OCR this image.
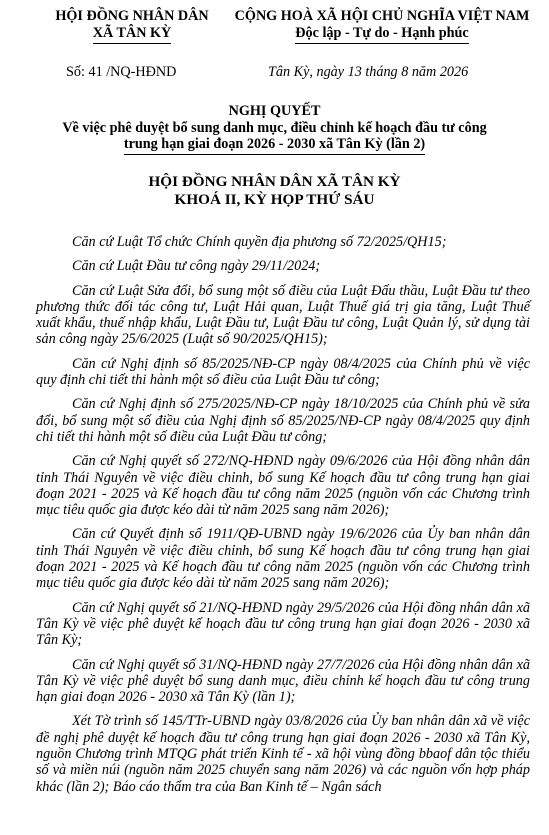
HỘI ĐỒNG NHÂN DÂN
XÃ TÂN KỲ
CỘNG HOÀ XÃ HỘI CHỦ NGHĨA VIỆT NAM
Độc lập - Tự do - Hạnh phúc
Số: 41 /NQ-HĐND	Tân Kỳ, ngày 13 tháng 8 năm 2026
NGHỊ QUYẾT
Về việc phê duyệt bổ sung danh mục, điều chỉnh kế hoạch đầu tư công
trung hạn giai đoạn 2026 - 2030 xã Tân Kỳ (lần 2)
HỘI ĐỒNG NHÂN DÂN XÃ TÂN KỲ
KHOÁ II, KỲ HỌP THỨ SÁU

Căn cứ Luật Tổ chức Chính quyền địa phương số 72/2025/QH15;

Căn cứ Luật Đầu tư công ngày 29/11/2024;

Căn cứ Luật Sửa đổi, bổ sung một số điều của Luật Đấu thầu, Luật Đầu tư theo phương thức đối tác công tư, Luật Hải quan, Luật Thuế giá trị gia tăng, Luật Thuế xuất khẩu, thuế nhập khẩu, Luật Đầu tư, Luật Đầu tư công, Luật Quản lý, sử dụng tài sản công ngày 25/6/2025 (Luật số 90/2025/QH15);

Căn cứ Nghị định số 85/2025/NĐ-CP ngày 08/4/2025 của Chính phủ về việc quy định chi tiết thi hành một số điều của Luật Đầu tư công;

Căn cứ Nghị định số 275/2025/NĐ-CP ngày 18/10/2025 của Chính phủ về sửa đổi, bổ sung một số điều của Nghị định số 85/2025/NĐ-CP ngày 08/4/2025 quy định chi tiết thi hành một số điều của Luật Đầu tư công;

Căn cứ Nghị quyết số 272/NQ-HĐND ngày 09/6/2026 của Hội đồng nhân dân tỉnh Thái Nguyên về việc điều chỉnh, bổ sung Kế hoạch đầu tư công trung hạn giai đoạn 2021 - 2025 và Kế hoạch đầu tư công năm 2025 (nguồn vốn các Chương trình mục tiêu quốc gia được kéo dài từ năm 2025 sang năm 2026);

Căn cứ Quyết định số 1911/QĐ-UBND ngày 19/6/2026 của Ủy ban nhân dân tỉnh Thái Nguyên về việc điều chỉnh, bổ sung Kế hoạch đầu tư công trung hạn giai đoạn 2021 - 2025 và Kế hoạch đầu tư công năm 2025 (nguồn vốn các Chương trình mục tiêu quốc gia được kéo dài từ năm 2025 sang năm 2026);

Căn cứ Nghị quyết số 21/NQ-HĐND ngày 29/5/2026 của Hội đồng nhân dân xã Tân Kỳ về việc phê duyệt kế hoạch đầu tư công trung hạn giai đoạn 2026 - 2030 xã Tân Kỳ;

Căn cứ Nghị quyết số 31/NQ-HĐND ngày 27/7/2026 của Hội đồng nhân dân xã Tân Kỳ về việc phê duyệt bổ sung danh mục, điều chỉnh kế hoạch đầu tư công trung hạn giai đoạn 2026 - 2030 xã Tân Kỳ (lần 1);

Xét Tờ trình số 145/TTr-UBND ngày 03/8/2026 của Ủy ban nhân dân xã về việc đề nghị phê duyệt kế hoạch đầu tư công trung hạn giai đoạn 2026 - 2030 xã Tân Kỳ, nguồn Chương trình MTQG phát triển Kinh tế - xã hội vùng đồng bbaof dân tộc thiểu số và miền núi (nguồn năm 2025 chuyển sang năm 2026) và các nguồn vốn hợp pháp khác (lần 2); Báo cáo thẩm tra của Ban Kinh tế – Ngân sách
